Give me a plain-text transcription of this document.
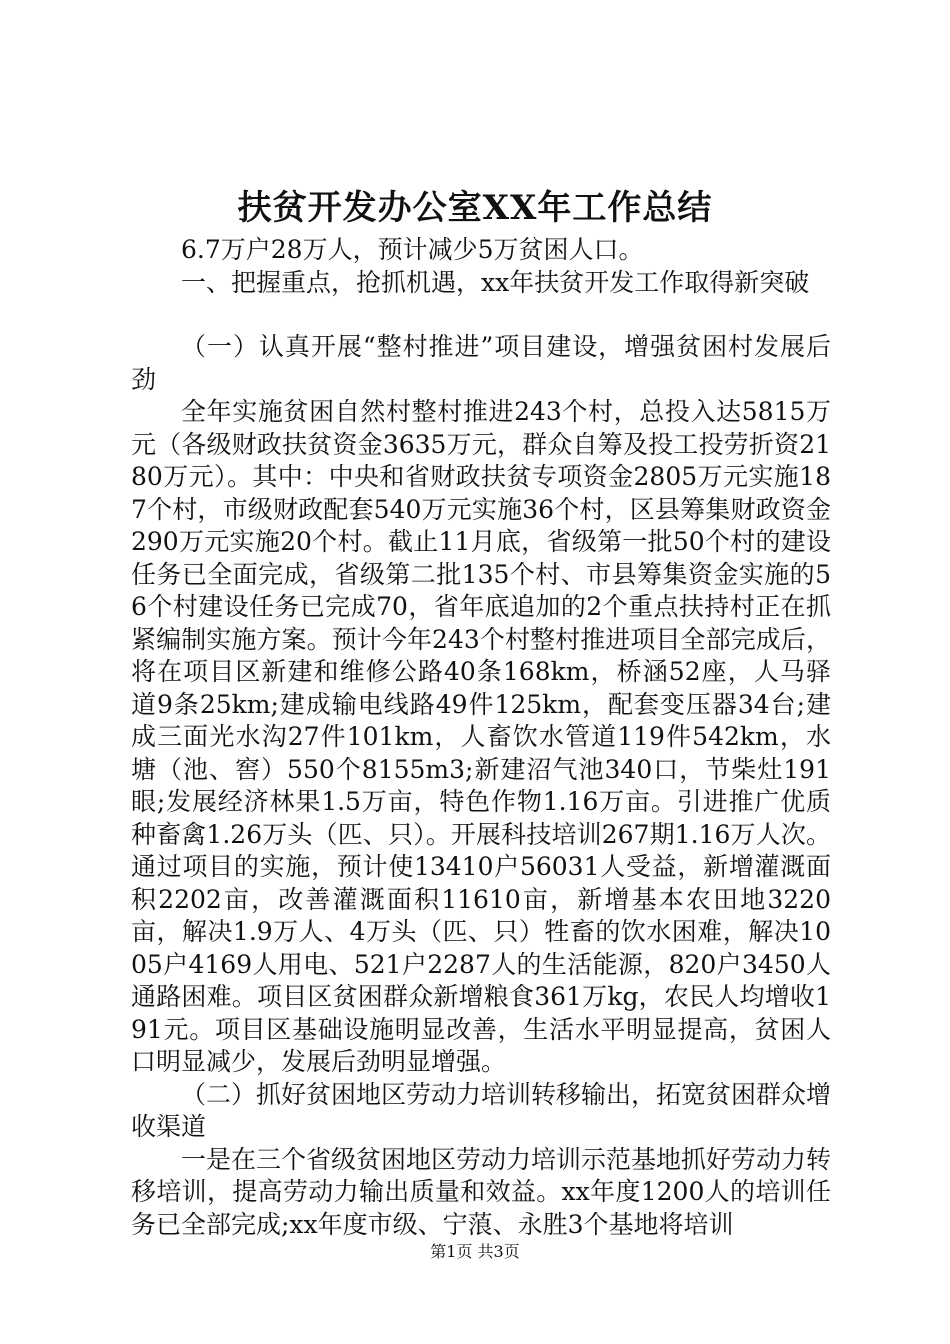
扶贫开发办公室XX年工作总结

6.7万户28万人，预计减少5万贫困人口。

一、把握重点，抢抓机遇，xx年扶贫开发工作取得新突破

（一）认真开展“整村推进”项目建设，增强贫困村发展后劲

全年实施贫困自然村整村推进243个村，总投入达5815万元（各级财政扶贫资金3635万元，群众自筹及投工投劳折资2180万元）。其中：中央和省财政扶贫专项资金2805万元实施187个村，市级财政配套540万元实施36个村，区县筹集财政资金290万元实施20个村。截止11月底，省级第一批50个村的建设任务已全面完成，省级第二批135个村、市县筹集资金实施的56个村建设任务已完成70，省年底追加的2个重点扶持村正在抓紧编制实施方案。预计今年243个村整村推进项目全部完成后，将在项目区新建和维修公路40条168km，桥涵52座，人马驿道9条25km;建成输电线路49件125km，配套变压器34台;建成三面光水沟27件101km，人畜饮水管道119件542km，水塘（池、窖）550个8155m3;新建沼气池340口，节柴灶191眼;发展经济林果1.5万亩，特色作物1.16万亩。引进推广优质种畜禽1.26万头（匹、只）。开展科技培训267期1.16万人次。通过项目的实施，预计使13410户56031人受益，新增灌溉面积2202亩，改善灌溉面积11610亩，新增基本农田地3220亩，解决1.9万人、4万头（匹、只）牲畜的饮水困难，解决1005户4169人用电、521户2287人的生活能源，820户3450人通路困难。项目区贫困群众新增粮食361万kg，农民人均增收191元。项目区基础设施明显改善，生活水平明显提高，贫困人口明显减少，发展后劲明显增强。

（二）抓好贫困地区劳动力培训转移输出，拓宽贫困群众增收渠道

一是在三个省级贫困地区劳动力培训示范基地抓好劳动力转移培训，提高劳动力输出质量和效益。xx年度1200人的培训任务已全部完成;xx年度市级、宁蒗、永胜3个基地将培训

第1页 共3页
